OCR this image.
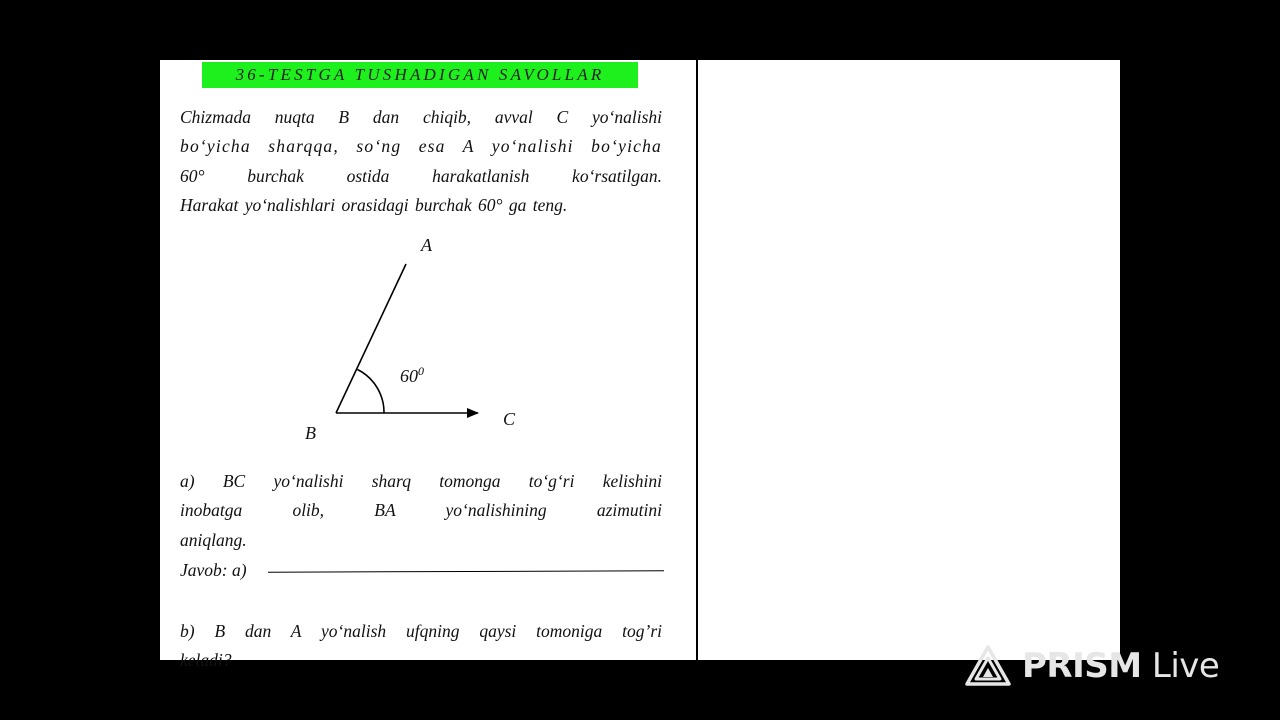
36-TESTGA TUSHADIGAN SAVOLLAR
Chizmada nuqta B dan chiqib, avval C yo‘nalishi
bo‘yicha sharqqa, so‘ng esa A yo‘nalishi bo‘yicha
60° burchak ostida harakatlanish ko‘rsatilgan.
Harakat yo‘nalishlari orasidagi burchak 60° ga teng.
A
B
C
$60^0$
a) BC yo‘nalishi sharq tomonga to‘g‘ri kelishini
inobatga olib, BA yo‘nalishining azimutini
aniqlang.
Javob: a)
b) B dan A yo‘nalish ufqning qaysi tomoniga tog’ri
keladi?	PRISM Live
